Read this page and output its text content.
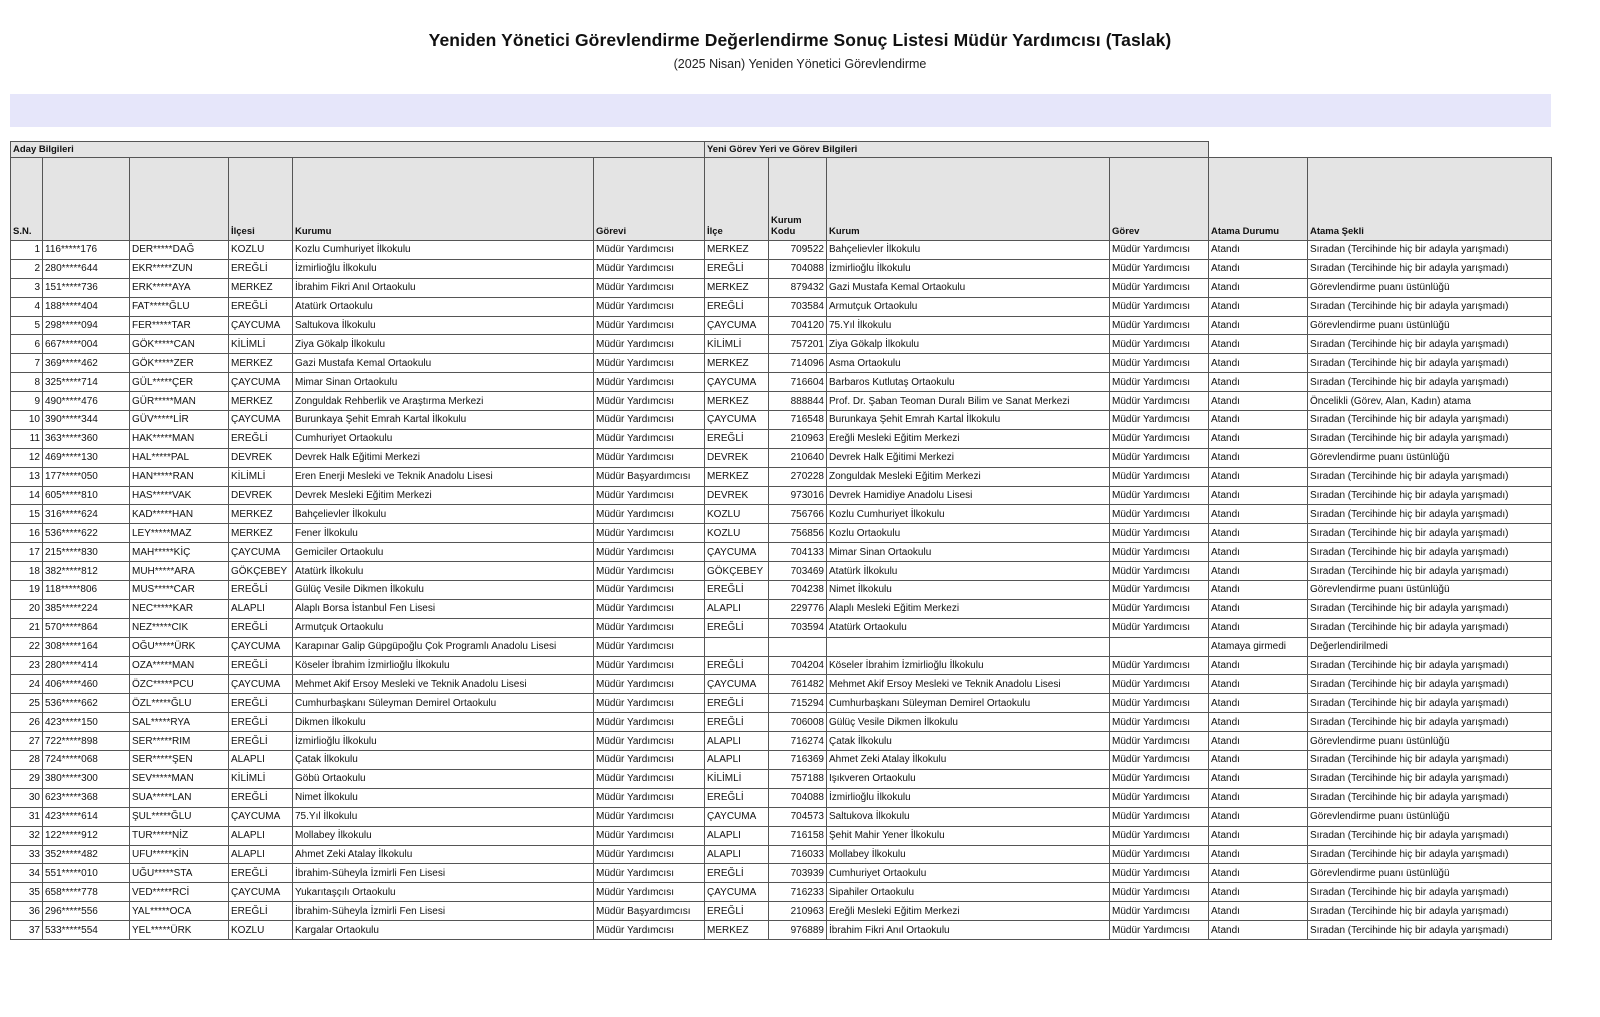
Yeniden Yönetici Görevlendirme Değerlendirme Sonuç Listesi Müdür Yardımcısı (Taslak)
(2025 Nisan) Yeniden Yönetici Görevlendirme
Aday Bilgileri						Yeni Görev Yeri ve Görev Bilgileri					
S.N.			İlçesi	Kurumu	Görevi	İlçe	Kurum Kodu	Kurum	Görev	Atama Durumu	Atama Şekli
1	116*****176	DER*****DAĞ	KOZLU	Kozlu Cumhuriyet İlkokulu	Müdür Yardımcısı	MERKEZ	709522	Bahçelievler İlkokulu	Müdür Yardımcısı	Atandı	Sıradan (Tercihinde hiç bir adayla yarışmadı)
2	280*****644	EKR*****ZUN	EREĞLİ	İzmirlioğlu İlkokulu	Müdür Yardımcısı	EREĞLİ	704088	İzmirlioğlu İlkokulu	Müdür Yardımcısı	Atandı	Sıradan (Tercihinde hiç bir adayla yarışmadı)
3	151*****736	ERK*****AYA	MERKEZ	İbrahim Fikri Anıl Ortaokulu	Müdür Yardımcısı	MERKEZ	879432	Gazi Mustafa Kemal Ortaokulu	Müdür Yardımcısı	Atandı	Görevlendirme puanı üstünlüğü
4	188*****404	FAT*****ĞLU	EREĞLİ	Atatürk Ortaokulu	Müdür Yardımcısı	EREĞLİ	703584	Armutçuk Ortaokulu	Müdür Yardımcısı	Atandı	Sıradan (Tercihinde hiç bir adayla yarışmadı)
5	298*****094	FER*****TAR	ÇAYCUMA	Saltukova İlkokulu	Müdür Yardımcısı	ÇAYCUMA	704120	75.Yıl İlkokulu	Müdür Yardımcısı	Atandı	Görevlendirme puanı üstünlüğü
6	667*****004	GÖK*****CAN	KİLİMLİ	Ziya Gökalp İlkokulu	Müdür Yardımcısı	KİLİMLİ	757201	Ziya Gökalp İlkokulu	Müdür Yardımcısı	Atandı	Sıradan (Tercihinde hiç bir adayla yarışmadı)
7	369*****462	GÖK*****ZER	MERKEZ	Gazi Mustafa Kemal Ortaokulu	Müdür Yardımcısı	MERKEZ	714096	Asma Ortaokulu	Müdür Yardımcısı	Atandı	Sıradan (Tercihinde hiç bir adayla yarışmadı)
8	325*****714	GÜL*****ÇER	ÇAYCUMA	Mimar Sinan Ortaokulu	Müdür Yardımcısı	ÇAYCUMA	716604	Barbaros Kutlutaş Ortaokulu	Müdür Yardımcısı	Atandı	Sıradan (Tercihinde hiç bir adayla yarışmadı)
9	490*****476	GÜR*****MAN	MERKEZ	Zonguldak Rehberlik ve Araştırma Merkezi	Müdür Yardımcısı	MERKEZ	888844	Prof. Dr. Şaban Teoman Duralı Bilim ve Sanat Merkezi	Müdür Yardımcısı	Atandı	Öncelikli (Görev, Alan, Kadın) atama
10	390*****344	GÜV*****LİR	ÇAYCUMA	Burunkaya Şehit Emrah Kartal İlkokulu	Müdür Yardımcısı	ÇAYCUMA	716548	Burunkaya Şehit Emrah Kartal İlkokulu	Müdür Yardımcısı	Atandı	Sıradan (Tercihinde hiç bir adayla yarışmadı)
11	363*****360	HAK*****MAN	EREĞLİ	Cumhuriyet Ortaokulu	Müdür Yardımcısı	EREĞLİ	210963	Ereğli Mesleki Eğitim Merkezi	Müdür Yardımcısı	Atandı	Sıradan (Tercihinde hiç bir adayla yarışmadı)
12	469*****130	HAL*****PAL	DEVREK	Devrek Halk Eğitimi Merkezi	Müdür Yardımcısı	DEVREK	210640	Devrek Halk Eğitimi Merkezi	Müdür Yardımcısı	Atandı	Görevlendirme puanı üstünlüğü
13	177*****050	HAN*****RAN	KİLİMLİ	Eren Enerji Mesleki ve Teknik Anadolu Lisesi	Müdür Başyardımcısı	MERKEZ	270228	Zonguldak Mesleki Eğitim Merkezi	Müdür Yardımcısı	Atandı	Sıradan (Tercihinde hiç bir adayla yarışmadı)
14	605*****810	HAS*****VAK	DEVREK	Devrek Mesleki Eğitim Merkezi	Müdür Yardımcısı	DEVREK	973016	Devrek Hamidiye Anadolu Lisesi	Müdür Yardımcısı	Atandı	Sıradan (Tercihinde hiç bir adayla yarışmadı)
15	316*****624	KAD*****HAN	MERKEZ	Bahçelievler İlkokulu	Müdür Yardımcısı	KOZLU	756766	Kozlu Cumhuriyet İlkokulu	Müdür Yardımcısı	Atandı	Sıradan (Tercihinde hiç bir adayla yarışmadı)
16	536*****622	LEY*****MAZ	MERKEZ	Fener İlkokulu	Müdür Yardımcısı	KOZLU	756856	Kozlu Ortaokulu	Müdür Yardımcısı	Atandı	Sıradan (Tercihinde hiç bir adayla yarışmadı)
17	215*****830	MAH*****KİÇ	ÇAYCUMA	Gemiciler Ortaokulu	Müdür Yardımcısı	ÇAYCUMA	704133	Mimar Sinan Ortaokulu	Müdür Yardımcısı	Atandı	Sıradan (Tercihinde hiç bir adayla yarışmadı)
18	382*****812	MUH*****ARA	GÖKÇEBEY	Atatürk İlkokulu	Müdür Yardımcısı	GÖKÇEBEY	703469	Atatürk İlkokulu	Müdür Yardımcısı	Atandı	Sıradan (Tercihinde hiç bir adayla yarışmadı)
19	118*****806	MUS*****CAR	EREĞLİ	Gülüç Vesile Dikmen İlkokulu	Müdür Yardımcısı	EREĞLİ	704238	Nimet İlkokulu	Müdür Yardımcısı	Atandı	Görevlendirme puanı üstünlüğü
20	385*****224	NEC*****KAR	ALAPLI	Alaplı Borsa İstanbul Fen Lisesi	Müdür Yardımcısı	ALAPLI	229776	Alaplı Mesleki Eğitim Merkezi	Müdür Yardımcısı	Atandı	Sıradan (Tercihinde hiç bir adayla yarışmadı)
21	570*****864	NEZ*****CIK	EREĞLİ	Armutçuk Ortaokulu	Müdür Yardımcısı	EREĞLİ	703594	Atatürk Ortaokulu	Müdür Yardımcısı	Atandı	Sıradan (Tercihinde hiç bir adayla yarışmadı)
22	308*****164	OĞU*****ÜRK	ÇAYCUMA	Karapınar Galip Güpgüpoğlu Çok Programlı Anadolu Lisesi	Müdür Yardımcısı					Atamaya girmedi	Değerlendirilmedi
23	280*****414	OZA*****MAN	EREĞLİ	Köseler İbrahim İzmirlioğlu İlkokulu	Müdür Yardımcısı	EREĞLİ	704204	Köseler İbrahim İzmirlioğlu İlkokulu	Müdür Yardımcısı	Atandı	Sıradan (Tercihinde hiç bir adayla yarışmadı)
24	406*****460	ÖZC*****PCU	ÇAYCUMA	Mehmet Akif Ersoy Mesleki ve Teknik Anadolu Lisesi	Müdür Yardımcısı	ÇAYCUMA	761482	Mehmet Akif Ersoy Mesleki ve Teknik Anadolu Lisesi	Müdür Yardımcısı	Atandı	Sıradan (Tercihinde hiç bir adayla yarışmadı)
25	536*****662	ÖZL*****ĞLU	EREĞLİ	Cumhurbaşkanı Süleyman Demirel Ortaokulu	Müdür Yardımcısı	EREĞLİ	715294	Cumhurbaşkanı Süleyman Demirel Ortaokulu	Müdür Yardımcısı	Atandı	Sıradan (Tercihinde hiç bir adayla yarışmadı)
26	423*****150	SAL*****RYA	EREĞLİ	Dikmen İlkokulu	Müdür Yardımcısı	EREĞLİ	706008	Gülüç Vesile Dikmen İlkokulu	Müdür Yardımcısı	Atandı	Sıradan (Tercihinde hiç bir adayla yarışmadı)
27	722*****898	SER*****RIM	EREĞLİ	İzmirlioğlu İlkokulu	Müdür Yardımcısı	ALAPLI	716274	Çatak İlkokulu	Müdür Yardımcısı	Atandı	Görevlendirme puanı üstünlüğü
28	724*****068	SER*****ŞEN	ALAPLI	Çatak İlkokulu	Müdür Yardımcısı	ALAPLI	716369	Ahmet Zeki Atalay İlkokulu	Müdür Yardımcısı	Atandı	Sıradan (Tercihinde hiç bir adayla yarışmadı)
29	380*****300	SEV*****MAN	KİLİMLİ	Göbü Ortaokulu	Müdür Yardımcısı	KİLİMLİ	757188	Işıkveren Ortaokulu	Müdür Yardımcısı	Atandı	Sıradan (Tercihinde hiç bir adayla yarışmadı)
30	623*****368	SUA*****LAN	EREĞLİ	Nimet İlkokulu	Müdür Yardımcısı	EREĞLİ	704088	İzmirlioğlu İlkokulu	Müdür Yardımcısı	Atandı	Sıradan (Tercihinde hiç bir adayla yarışmadı)
31	423*****614	ŞUL*****ĞLU	ÇAYCUMA	75.Yıl İlkokulu	Müdür Yardımcısı	ÇAYCUMA	704573	Saltukova İlkokulu	Müdür Yardımcısı	Atandı	Görevlendirme puanı üstünlüğü
32	122*****912	TUR*****NİZ	ALAPLI	Mollabey İlkokulu	Müdür Yardımcısı	ALAPLI	716158	Şehit Mahir Yener İlkokulu	Müdür Yardımcısı	Atandı	Sıradan (Tercihinde hiç bir adayla yarışmadı)
33	352*****482	UFU*****KİN	ALAPLI	Ahmet Zeki Atalay İlkokulu	Müdür Yardımcısı	ALAPLI	716033	Mollabey İlkokulu	Müdür Yardımcısı	Atandı	Sıradan (Tercihinde hiç bir adayla yarışmadı)
34	551*****010	UĞU*****STA	EREĞLİ	İbrahim-Süheyla İzmirli Fen Lisesi	Müdür Yardımcısı	EREĞLİ	703939	Cumhuriyet Ortaokulu	Müdür Yardımcısı	Atandı	Görevlendirme puanı üstünlüğü
35	658*****778	VED*****RCİ	ÇAYCUMA	Yukarıtaşçılı Ortaokulu	Müdür Yardımcısı	ÇAYCUMA	716233	Sipahiler Ortaokulu	Müdür Yardımcısı	Atandı	Sıradan (Tercihinde hiç bir adayla yarışmadı)
36	296*****556	YAL*****OCA	EREĞLİ	İbrahim-Süheyla İzmirli Fen Lisesi	Müdür Başyardımcısı	EREĞLİ	210963	Ereğli Mesleki Eğitim Merkezi	Müdür Yardımcısı	Atandı	Sıradan (Tercihinde hiç bir adayla yarışmadı)
37	533*****554	YEL*****ÜRK	KOZLU	Kargalar Ortaokulu	Müdür Yardımcısı	MERKEZ	976889	İbrahim Fikri Anıl Ortaokulu	Müdür Yardımcısı	Atandı	Sıradan (Tercihinde hiç bir adayla yarışmadı)
